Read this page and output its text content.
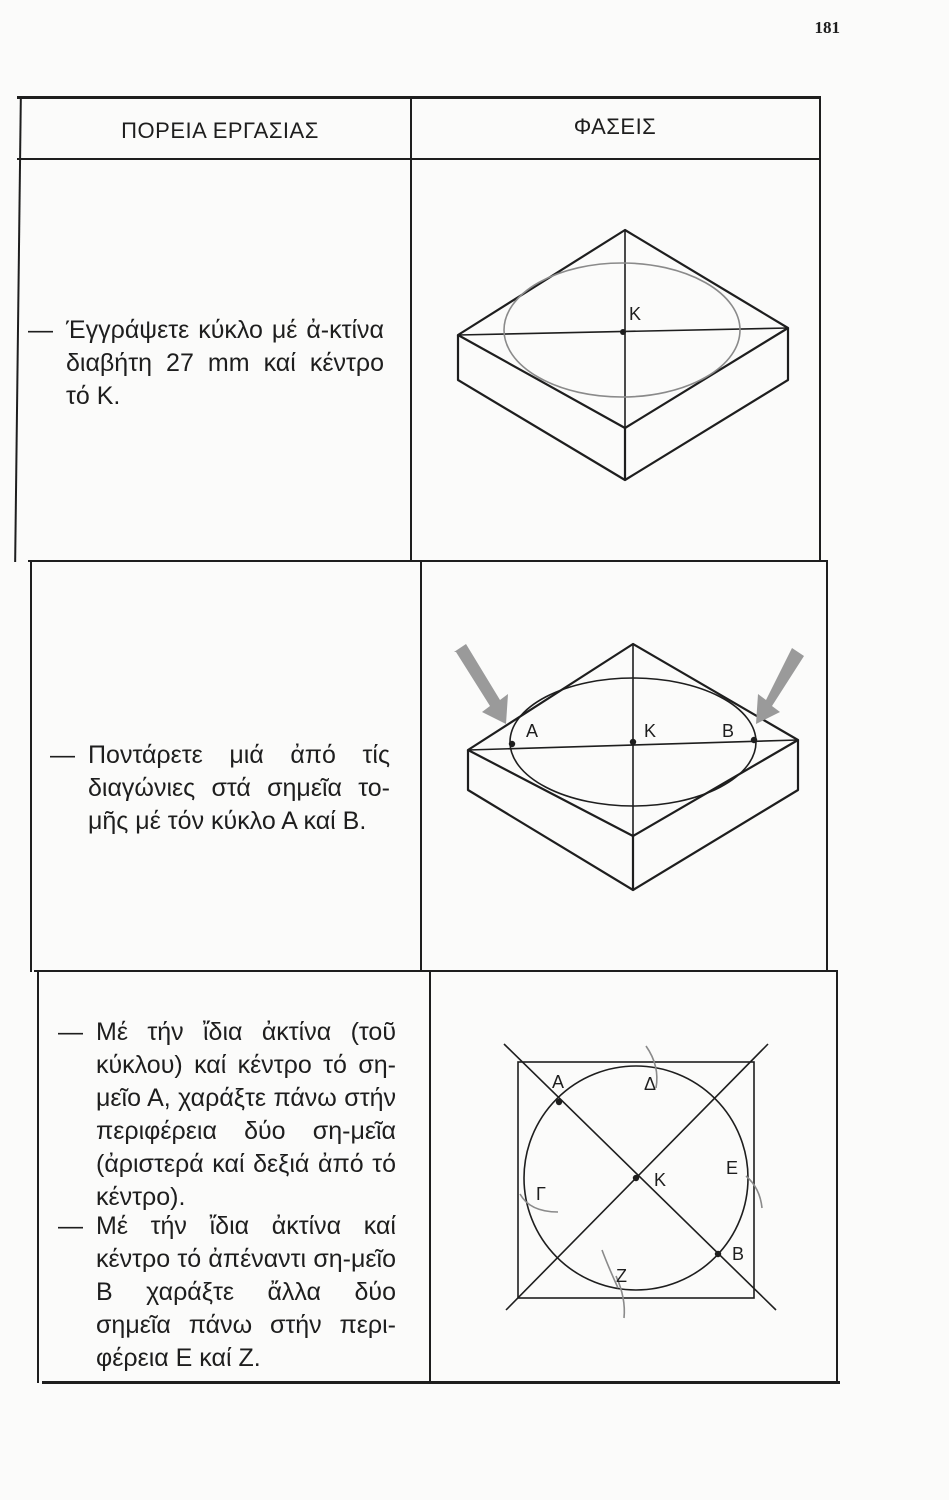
181
ΠΟΡΕΙΑ ΕΡΓΑΣΙΑΣ	ΦΑΣΕΙΣ
— Έγγράψετε κύκλο μέ ἀ-κτίνα διαβήτη 27 mm καί κέντρο τό Κ.
Κ
— Ποντάρετε μιά ἀπό τίς διαγώνιες στά σημεῖα το-μῆς μέ τόν κύκλο Α καί Β.
Α	Κ	Β
— Μέ τήν ἴδια ἀκτίνα (τοῦ κύκλου) καί κέντρο τό ση-μεῖο Α, χαράξτε πάνω στήν περιφέρεια δύο ση-μεῖα (ἀριστερά καί δεξιά ἀπό τό κέντρο).
— Μέ τήν ἴδια ἀκτίνα καί κέντρο τό ἀπέναντι ση-μεῖο Β χαράξτε ἄλλα δύο σημεῖα πάνω στήν περι-φέρεια Ε καί Ζ.
Α	Δ
Ε
Κ
Γ
Β
Ζ
